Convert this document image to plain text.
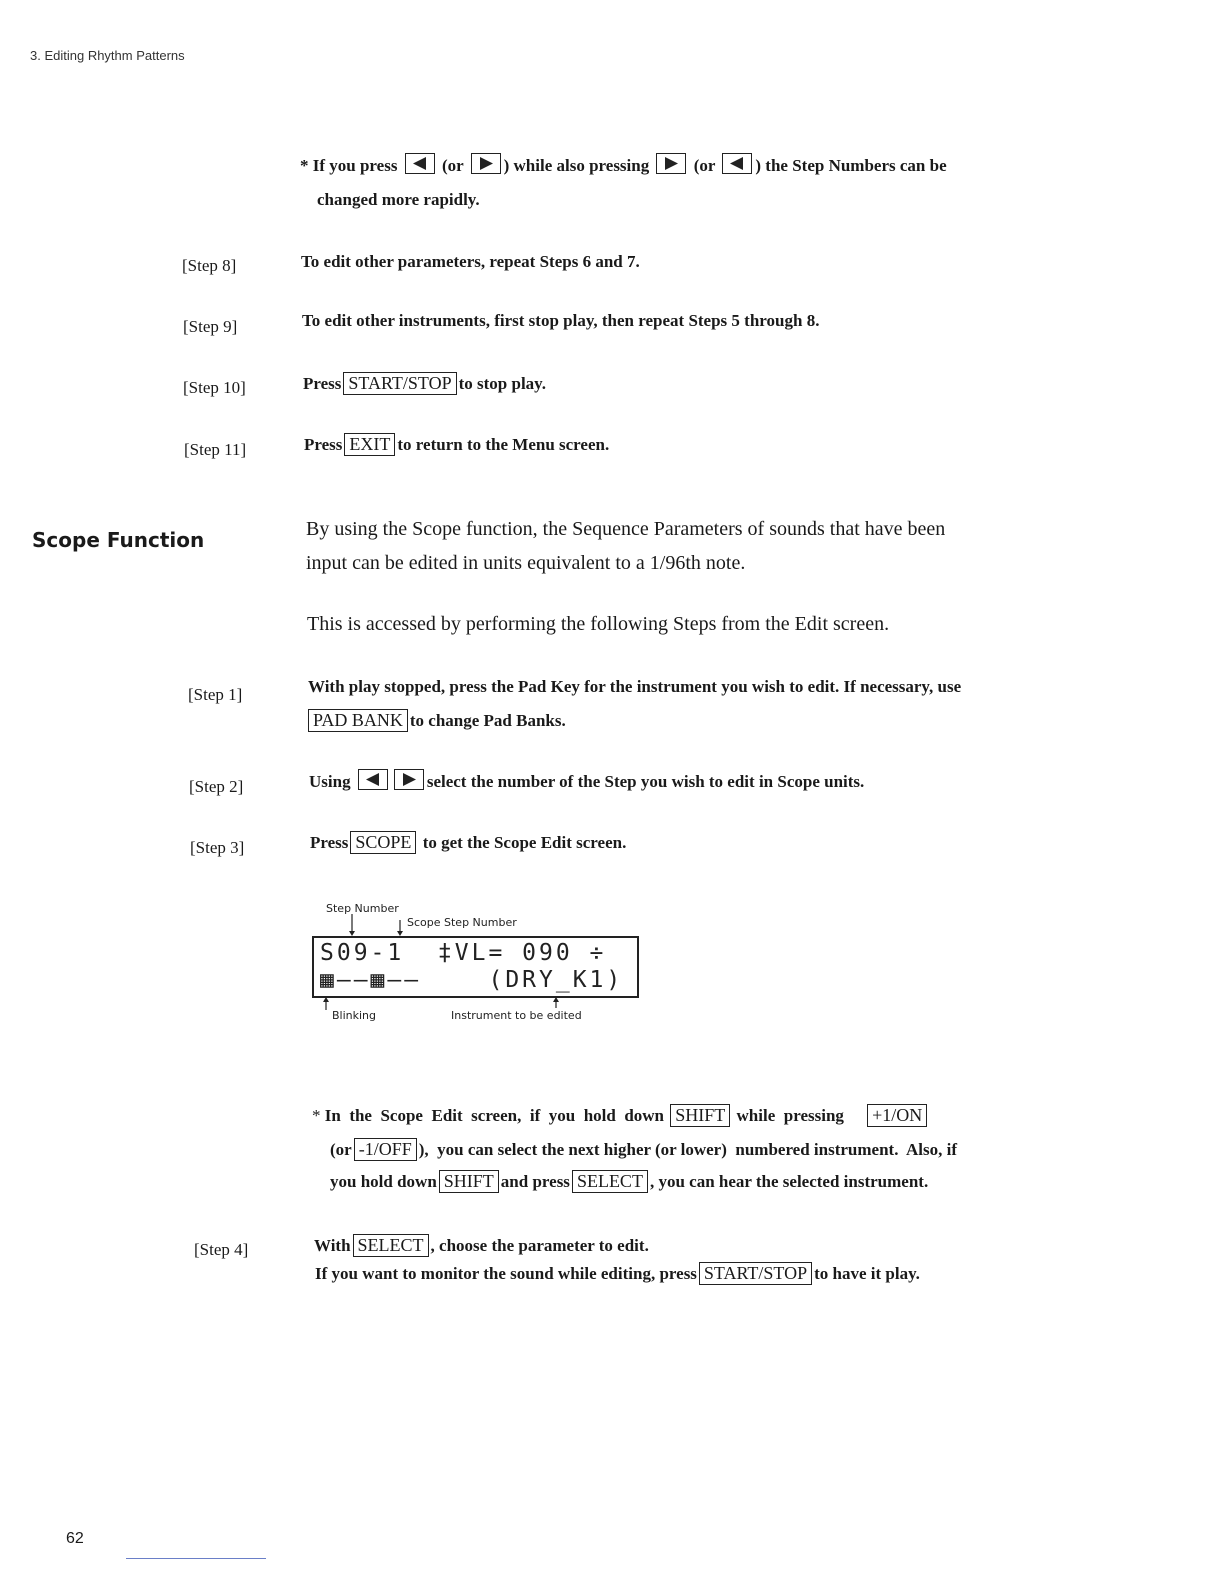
3. Editing Rhythm Patterns
* If you press	(or ) while also pressing	(or ) the Step Numbers can be
changed more rapidly.
[Step 8]	To edit other parameters, repeat Steps 6 and 7.
[Step 9]	To edit other instruments, first stop play, then repeat Steps 5 through 8.
[Step 10]	Press START/STOP to stop play.
[Step 11]	Press EXIT to return to the Menu screen.
Scope Function	By using the Scope function, the Sequence Parameters of sounds that have been
input can be edited in units equivalent to a 1/96th note.
This is accessed by performing the following Steps from the Edit screen.
[Step 1]	With play stopped, press the Pad Key for the instrument you wish to edit. If necessary, use
PAD BANK to change Pad Banks.
[Step 2]	Using	select the number of the Step you wish to edit in Scope units.
[Step 3]	Press SCOPE to get the Scope Edit screen.
Step Number
Scope Step Number
S09-1  ‡VL= 090 ÷
▦——▦——    (DRY_K1)
Blinking	Instrument to be edited
* In  the  Scope  Edit  screen,  if  you  hold  down SHIFT while  pressing +1/ON
(or -1/OFF ),  you can select the next higher (or lower)  numbered instrument.  Also, if
you hold down SHIFT and press SELECT , you can hear the selected instrument.
[Step 4]	With SELECT , choose the parameter to edit.
If you want to monitor the sound while editing, press START/STOP to have it play.
62
